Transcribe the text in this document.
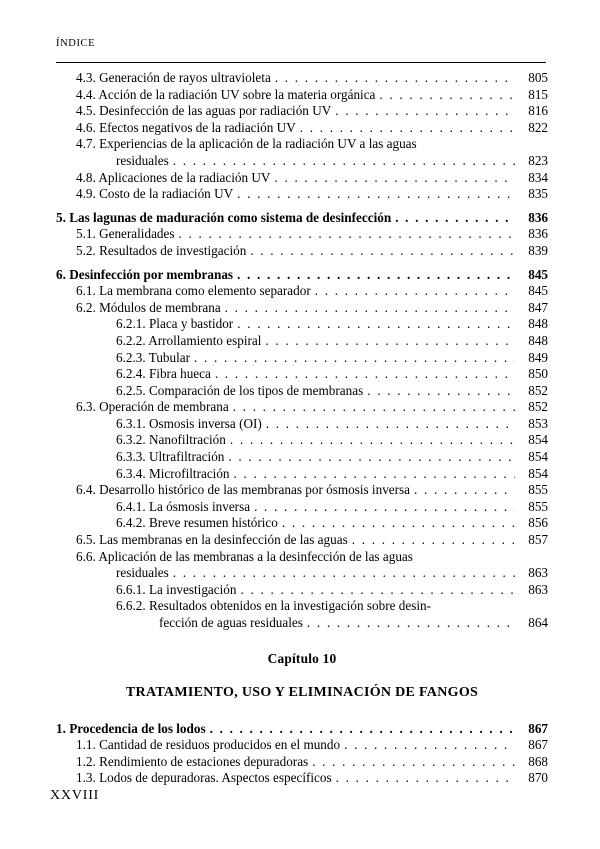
ÍNDICE
4.3. Generación de rayos ultravioleta . . .	805
4.4. Acción de la radiación UV sobre la materia orgánica . . .	815
4.5. Desinfección de las aguas por radiación UV . . .	816
4.6. Efectos negativos de la radiación UV . . .	822
4.7. Experiencias de la aplicación de la radiación UV a las aguas
residuales . . .	823
4.8. Aplicaciones de la radiación UV . . .	834
4.9. Costo de la radiación UV . . .	835
5. Las lagunas de maduración como sistema de desinfección . . .	836
5.1. Generalidades . . .	836
5.2. Resultados de investigación . . .	839
6. Desinfección por membranas . . .	845
6.1. La membrana como elemento separador . . .	845
6.2. Módulos de membrana . . .	847
6.2.1. Placa y bastidor . . .	848
6.2.2. Arrollamiento espiral . . .	848
6.2.3. Tubular . . .	849
6.2.4. Fibra hueca . . .	850
6.2.5. Comparación de los tipos de membranas . . .	852
6.3. Operación de membrana . . .	852
6.3.1. Osmosis inversa (OI) . . .	853
6.3.2. Nanofiltración . . .	854
6.3.3. Ultrafiltración . . .	854
6.3.4. Microfiltración . . .	854
6.4. Desarrollo histórico de las membranas por ósmosis inversa . . .	855
6.4.1. La ósmosis inversa . . .	855
6.4.2. Breve resumen histórico . . .	856
6.5. Las membranas en la desinfección de las aguas . . .	857
6.6. Aplicación de las membranas a la desinfección de las aguas
residuales . . .	863
6.6.1. La investigación . . .	863
6.6.2. Resultados obtenidos en la investigación sobre desin-
fección de aguas residuales . . .	864
Capítulo 10
TRATAMIENTO, USO Y ELIMINACIÓN DE FANGOS
1. Procedencia de los lodos . . .	867
1.1. Cantidad de residuos producidos en el mundo . . .	867
1.2. Rendimiento de estaciones depuradoras . . .	868
1.3. Lodos de depuradoras. Aspectos específicos . . .	870
XXVIII
